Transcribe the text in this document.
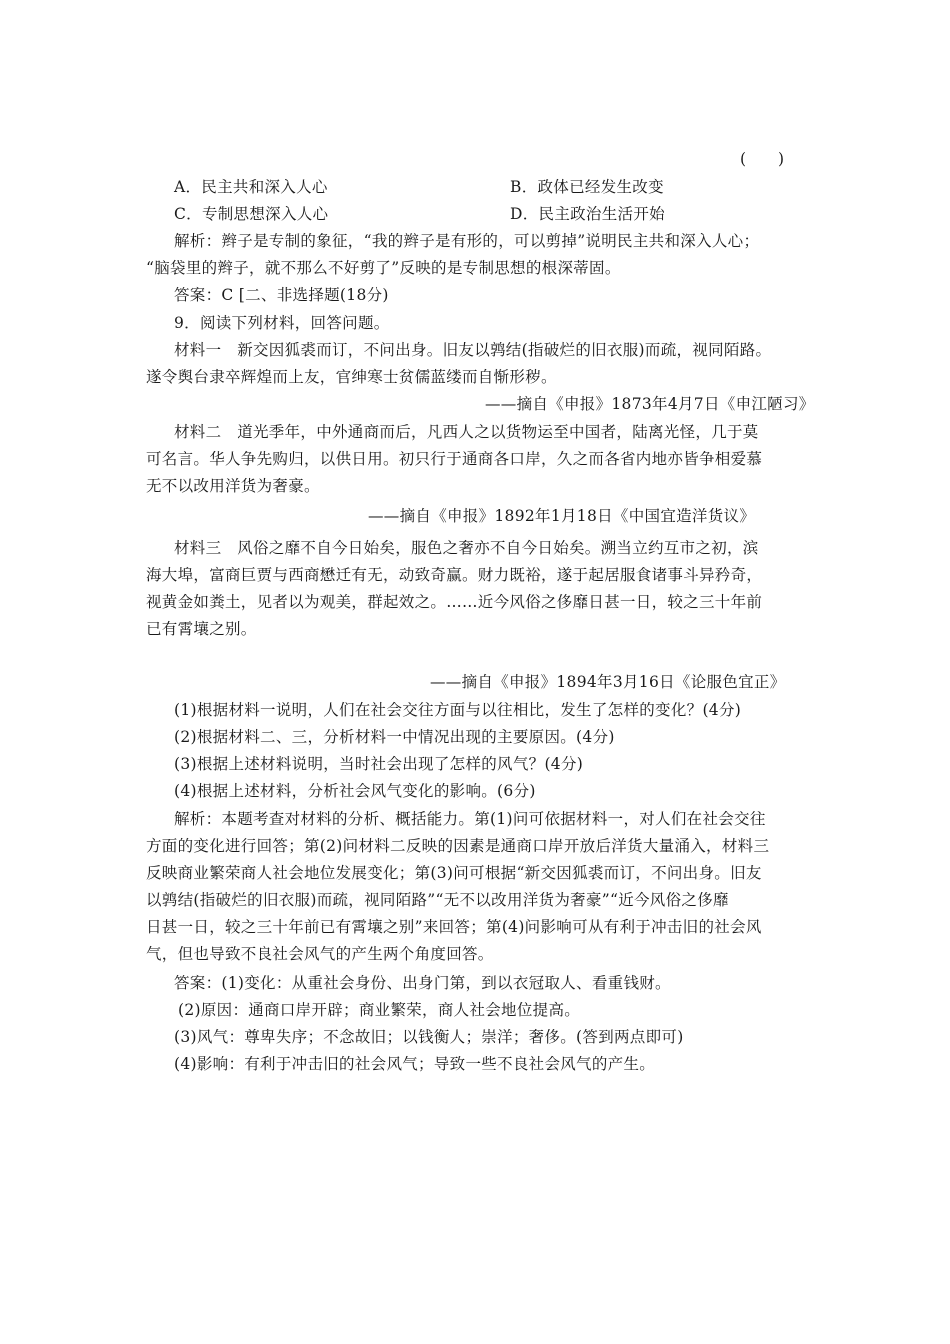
(　　)
A．民主共和深入人心	B．政体已经发生改变
C．专制思想深入人心	D．民主政治生活开始
解析：辫子是专制的象征，“我的辫子是有形的，可以剪掉”说明民主共和深入人心；
“脑袋里的辫子，就不那么不好剪了”反映的是专制思想的根深蒂固。
答案：C [二、非选择题(18分)
9．阅读下列材料，回答问题。
材料一　新交因狐裘而订，不问出身。旧友以鹑结(指破烂的旧衣服)而疏，视同陌路。
遂令舆台隶卒辉煌而上友，官绅寒士贫儒蓝缕而自惭形秽。
——摘自《申报》1873年4月7日《申江陋习》
材料二　道光季年，中外通商而后，凡西人之以货物运至中国者，陆离光怪，几于莫
可名言。华人争先购归，以供日用。初只行于通商各口岸，久之而各省内地亦皆争相爱慕
无不以改用洋货为奢豪。
——摘自《申报》1892年1月18日《中国宜造洋货议》
材料三　风俗之靡不自今日始矣，服色之奢亦不自今日始矣。溯当立约互市之初，滨
海大埠，富商巨贾与西商懋迁有无，动致奇赢。财力既裕，遂于起居服食诸事斗异矜奇，
视黄金如粪土，见者以为观美，群起效之。……近今风俗之侈靡日甚一日，较之三十年前
已有霄壤之别。
——摘自《申报》1894年3月16日《论服色宜正》
(1)根据材料一说明，人们在社会交往方面与以往相比，发生了怎样的变化？(4分)
(2)根据材料二、三，分析材料一中情况出现的主要原因。(4分)
(3)根据上述材料说明，当时社会出现了怎样的风气？(4分)
(4)根据上述材料，分析社会风气变化的影响。(6分)
解析：本题考查对材料的分析、概括能力。第(1)问可依据材料一，对人们在社会交往
方面的变化进行回答；第(2)问材料二反映的因素是通商口岸开放后洋货大量涌入，材料三
反映商业繁荣商人社会地位发展变化；第(3)问可根据“新交因狐裘而订，不问出身。旧友
以鹑结(指破烂的旧衣服)而疏，视同陌路”“无不以改用洋货为奢豪”“近今风俗之侈靡
日甚一日，较之三十年前已有霄壤之别”来回答；第(4)问影响可从有利于冲击旧的社会风
气，但也导致不良社会风气的产生两个角度回答。
答案：(1)变化：从重社会身份、出身门第，到以衣冠取人、看重钱财。
(2)原因：通商口岸开辟；商业繁荣，商人社会地位提高。
(3)风气：尊卑失序；不念故旧；以钱衡人；崇洋；奢侈。(答到两点即可)
(4)影响：有利于冲击旧的社会风气；导致一些不良社会风气的产生。
